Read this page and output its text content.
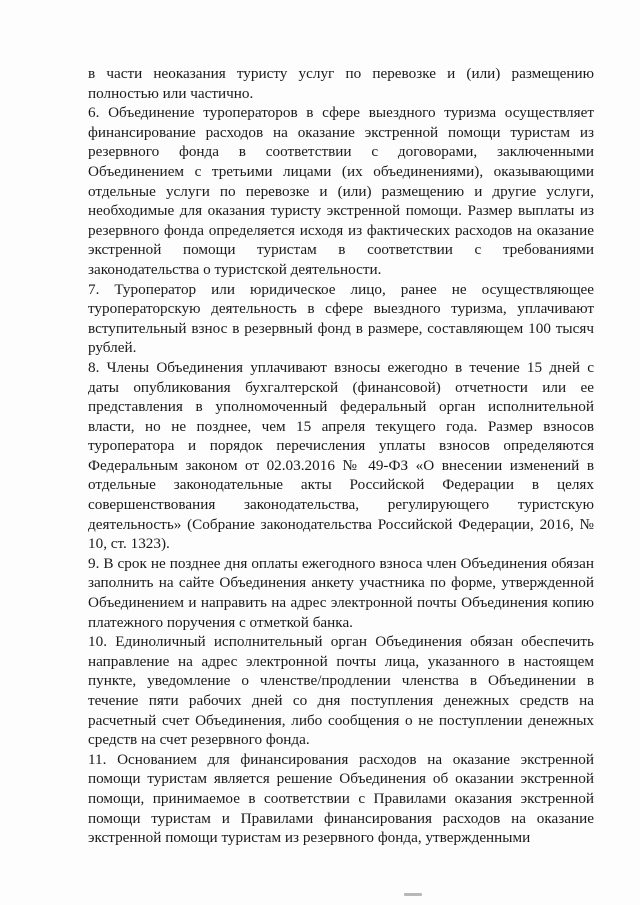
в части неоказания туристу услуг по перевозке и (или) размещению полностью или частично.

6. Объединение туроператоров в сфере выездного туризма осуществляет финансирование расходов на оказание экстренной помощи туристам из резервного фонда в соответствии с договорами, заключенными Объединением с третьими лицами (их объединениями), оказывающими отдельные услуги по перевозке и (или) размещению и другие услуги, необходимые для оказания туристу экстренной помощи. Размер выплаты из резервного фонда определяется исходя из фактических расходов на оказание экстренной помощи туристам в соответствии с требованиями законодательства о туристской деятельности.

7. Туроператор или юридическое лицо, ранее не осуществляющее туроператорскую деятельность в сфере выездного туризма, уплачивают вступительный взнос в резервный фонд в размере, составляющем 100 тысяч рублей.

8. Члены Объединения уплачивают взносы ежегодно в течение 15 дней с даты опубликования бухгалтерской (финансовой) отчетности или ее представления в уполномоченный федеральный орган исполнительной власти, но не позднее, чем 15 апреля текущего года. Размер взносов туроператора и порядок перечисления уплаты взносов определяются Федеральным законом от 02.03.2016 № 49-ФЗ «О внесении изменений в отдельные законодательные акты Российской Федерации в целях совершенствования законодательства, регулирующего туристскую деятельность» (Собрание законодательства Российской Федерации, 2016, № 10, ст. 1323).

9. В срок не позднее дня оплаты ежегодного взноса член Объединения обязан заполнить на сайте Объединения анкету участника по форме, утвержденной Объединением и направить на адрес электронной почты Объединения копию платежного поручения с отметкой банка.

10. Единоличный исполнительный орган Объединения обязан обеспечить направление на адрес электронной почты лица, указанного в настоящем пункте, уведомление о членстве/продлении членства в Объединении в течение пяти рабочих дней со дня поступления денежных средств на расчетный счет Объединения, либо сообщения о не поступлении денежных средств на счет резервного фонда.

11. Основанием для финансирования расходов на оказание экстренной помощи туристам является решение Объединения об оказании экстренной помощи, принимаемое в соответствии с Правилами оказания экстренной помощи туристам и Правилами финансирования расходов на оказание экстренной помощи туристам из резервного фонда, утвержденными
